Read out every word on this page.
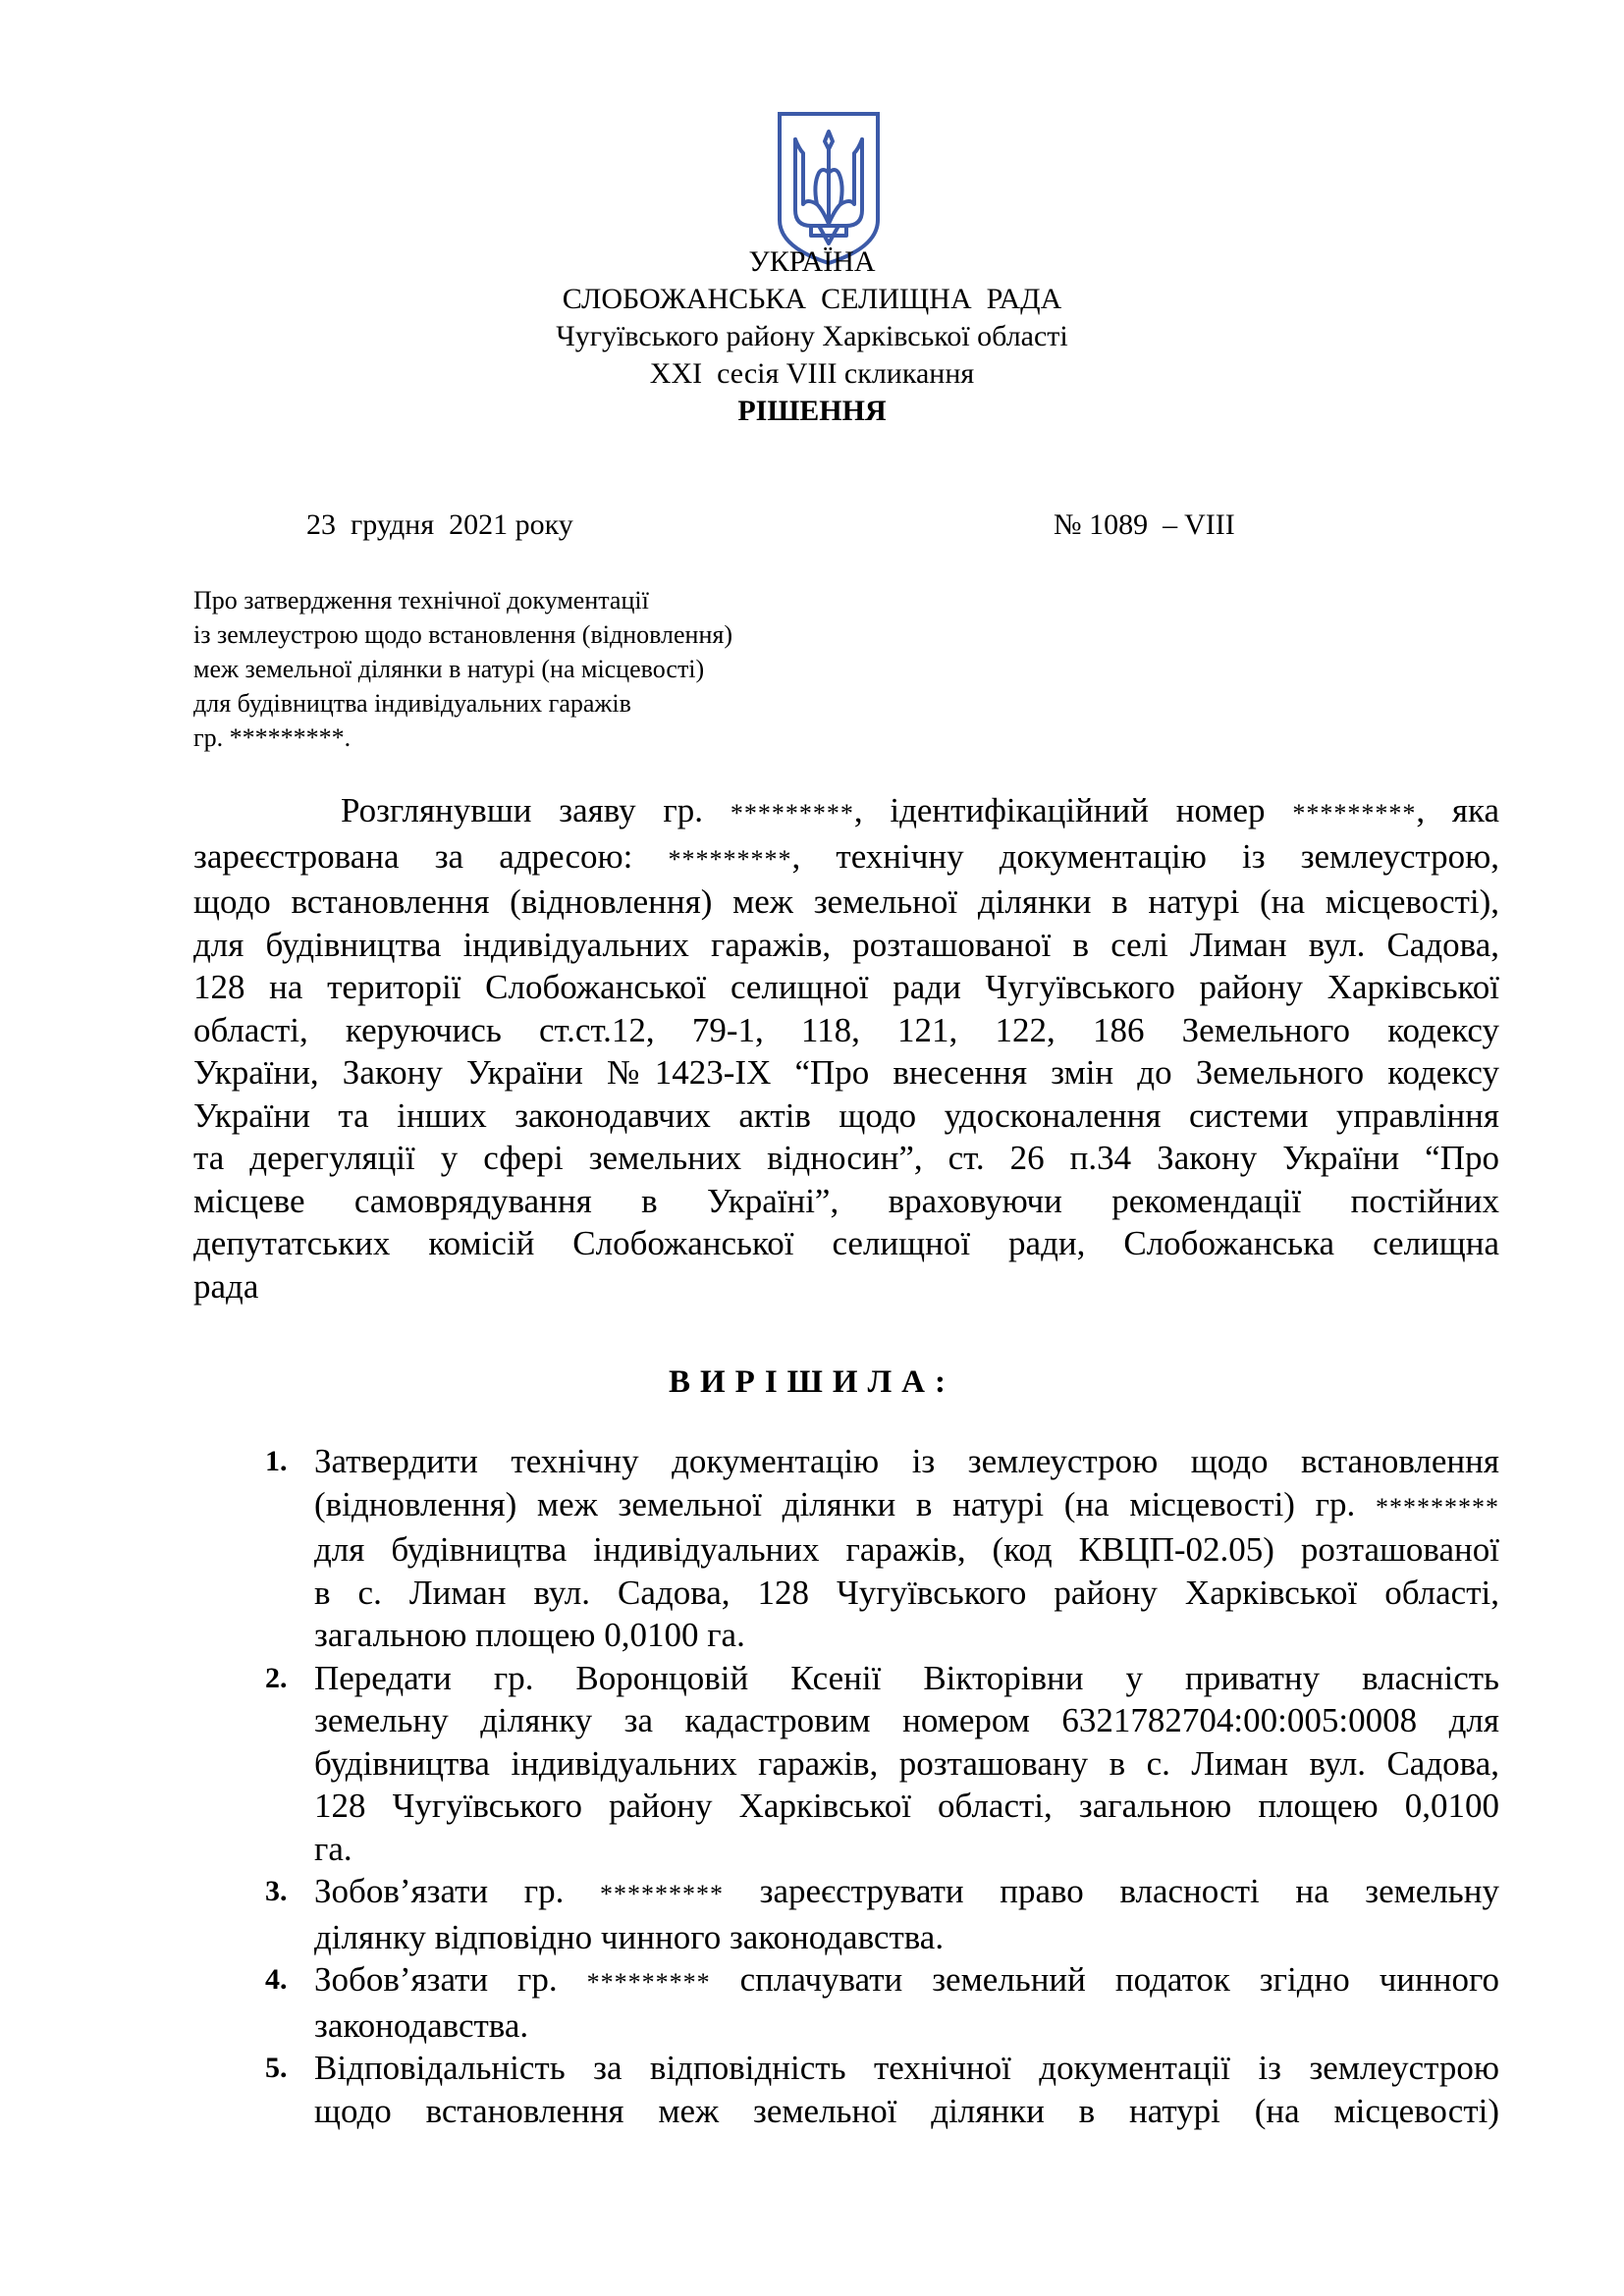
УКРАЇНА
СЛОБОЖАНСЬКА  СЕЛИЩНА  РАДА
Чугуївського району Харківської області
XXI  сесія VIII скликання
РІШЕННЯ
23  грудня  2021 року	№ 1089  – VIII
Про затвердження технічної документації
із землеустрою щодо встановлення (відновлення)
меж земельної ділянки в натурі (на місцевості)
для будівництва індивідуальних гаражів
гр. *********.
Розглянувши заяву гр. *********, ідентифікаційний номер *********, яка
зареєстрована за адресою: *********, технічну документацію із землеустрою,
щодо встановлення (відновлення) меж земельної ділянки в натурі (на місцевості),
для будівництва індивідуальних гаражів, розташованої в селі Лиман вул. Садова,
128 на території Слобожанської селищної ради Чугуївського району Харківської
області, керуючись ст.ст.12, 79-1, 118, 121, 122, 186 Земельного кодексу
України, Закону України №1423-IX “Про внесення змін до Земельного кодексу
України та інших законодавчих актів щодо удосконалення системи управління
та дерегуляції у сфері земельних відносин”, ст. 26 п.34 Закону України “Про
місцеве самоврядування в Україні”, враховуючи рекомендації постійних
депутатських комісій Слобожанської селищної ради, Слобожанська селищна
рада
ВИРІШИЛА:
1. Затвердити технічну документацію із землеустрою щодо встановлення
(відновлення) меж земельної ділянки в натурі (на місцевості) гр. *********
для будівництва індивідуальних гаражів, (код КВЦП-02.05) розташованої
в с. Лиман вул. Садова, 128 Чугуївського району Харківської області,
загальною площею 0,0100 га.
2. Передати гр. Воронцовій Ксенії Вікторівни у приватну власність
земельну ділянку за кадастровим номером 6321782704:00:005:0008 для
будівництва індивідуальних гаражів, розташовану в с. Лиман вул. Садова,
128 Чугуївського району Харківської області, загальною площею 0,0100
га.
3. Зобов’язати гр. ********* зареєструвати право власності на земельну
ділянку відповідно чинного законодавства.
4. Зобов’язати гр. ********* сплачувати земельний податок згідно чинного
законодавства.
5. Відповідальність за відповідність технічної документації із землеустрою
щодо встановлення меж земельної ділянки в натурі (на місцевості)
